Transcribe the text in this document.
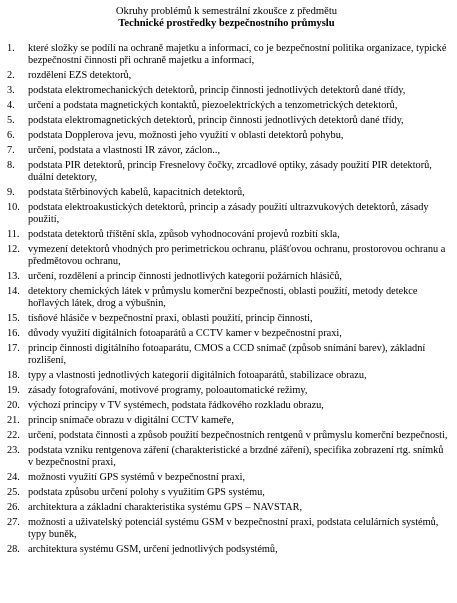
Okruhy problémů k semestrální zkoušce z předmětu
Technické prostředky bezpečnostního průmyslu
1.	které složky se podílí na ochraně majetku a informací, co je bezpečnostní politika organizace, typické bezpečnostní činnosti při ochraně majetku a informací,
2.	rozdělení EZS detektorů,
3.	podstata elektromechanických detektorů, princip činnosti jednotlivých detektorů dané třídy,
4.	určení a podstata magnetických kontaktů, piezoelektrických a tenzometrických detektorů,
5.	podstata elektromagnetických detektorů, princip činnosti jednotlivých detektorů dané třídy,
6.	podstata Dopplerova jevu, možnosti jeho využití v oblasti detektorů pohybu,
7.	určení, podstata a vlastnosti IR závor, záclon..,
8.	podstata PIR detektorů, princip Fresnelovy čočky, zrcadlové optiky, zásady použití PIR detektorů, duální detektory,
9.	podstata štěrbinových kabelů, kapacitních detektorů,
10. podstata elektroakustických detektorů, princip a zásady použití ultrazvukových detektorů, zásady použití,
11. podstata detektorů tříštění skla, způsob vyhodnocování projevů rozbití skla,
12. vymezení detektorů vhodných pro perimetrickou ochranu, plášťovou ochranu, prostorovou ochranu a předmětovou ochranu,
13. určení, rozdělení a princip činnosti jednotlivých kategorií požárních hlásičů,
14. detektory chemických látek v průmyslu komerční bezpečnosti, oblasti použití, metody detekce hořlavých látek, drog a výbušnin,
15. tísňové hlásiče v bezpečnostní praxi, oblasti použití, princip činnosti,
16. důvody využití digitálních fotoaparátů a CCTV kamer v bezpečnostní praxi,
17. princip činnosti digitálního fotoaparátu, CMOS a CCD snímač (způsob snímání barev), základní rozlišení,
18. typy a vlastnosti jednotlivých kategorií digitálních fotoaparátů, stabilizace obrazu,
19. zásady fotografování, motivové programy, poloautomatické režimy,
20. výchozí principy v TV systémech, podstata řádkového rozkladu obrazu,
21. princip snímače obrazu v digitální CCTV kameře,
22. určení, podstata činnosti a způsob použití bezpečnostních rentgenů v průmyslu komerční bezpečnosti,
23. podstata vzniku rentgenova záření (charakteristické a brzdné záření), specifika zobrazení rtg. snímků v bezpečnostní praxi,
24. možnosti využití GPS systémů v bezpečnostní praxi,
25. podstata způsobu určení polohy s využitím GPS systému,
26. architektura a základní charakteristika systému GPS – NAVSTAR,
27. možnosti a uživatelský potenciál systému GSM v bezpečnostní praxi, podstata celulárních systémů, typy buněk,
28. architektura systému GSM, určení jednotlivých podsystémů,
